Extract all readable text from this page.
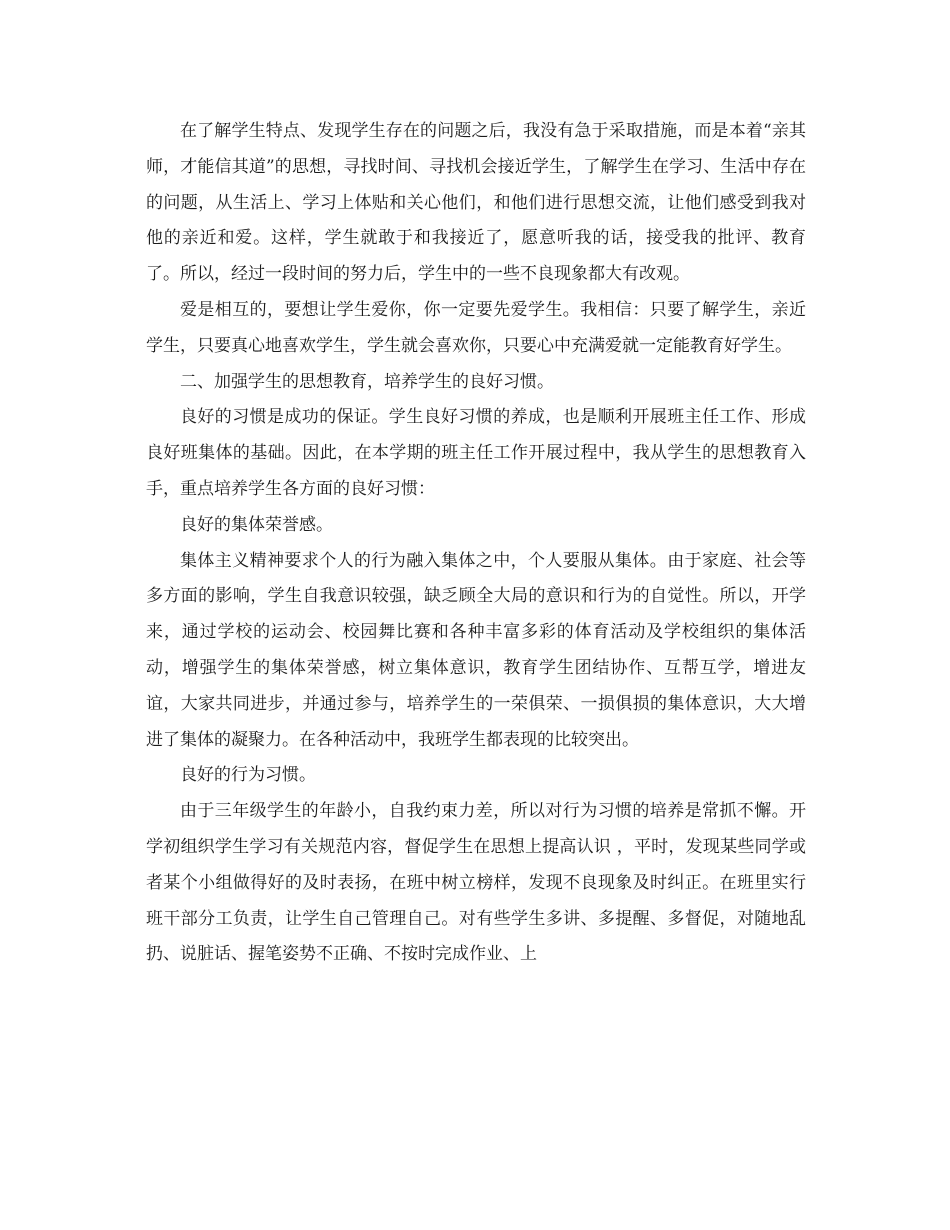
在了解学生特点、发现学生存在的问题之后，我没有急于采取措施，而是本着“亲其师，才能信其道”的思想，寻找时间、寻找机会接近学生，了解学生在学习、生活中存在的问题，从生活上、学习上体贴和关心他们，和他们进行思想交流，让他们感受到我对他的亲近和爱。这样，学生就敢于和我接近了，愿意听我的话，接受我的批评、教育了。所以，经过一段时间的努力后，学生中的一些不良现象都大有改观。

爱是相互的，要想让学生爱你，你一定要先爱学生。我相信：只要了解学生，亲近学生，只要真心地喜欢学生，学生就会喜欢你，只要心中充满爱就一定能教育好学生。

二、加强学生的思想教育，培养学生的良好习惯。

良好的习惯是成功的保证。学生良好习惯的养成，也是顺利开展班主任工作、形成良好班集体的基础。因此，在本学期的班主任工作开展过程中，我从学生的思想教育入手，重点培养学生各方面的良好习惯：

良好的集体荣誉感。

集体主义精神要求个人的行为融入集体之中，个人要服从集体。由于家庭、社会等多方面的影响，学生自我意识较强，缺乏顾全大局的意识和行为的自觉性。所以，开学来，通过学校的运动会、校园舞比赛和各种丰富多彩的体育活动及学校组织的集体活动，增强学生的集体荣誉感，树立集体意识，教育学生团结协作、互帮互学，增进友谊，大家共同进步，并通过参与，培养学生的一荣俱荣、一损俱损的集体意识，大大增进了集体的凝聚力。在各种活动中，我班学生都表现的比较突出。

良好的行为习惯。

由于三年级学生的年龄小，自我约束力差，所以对行为习惯的培养是常抓不懈。开学初组织学生学习有关规范内容，督促学生在思想上提高认识 ，平时，发现某些同学或者某个小组做得好的及时表扬，在班中树立榜样，发现不良现象及时纠正。在班里实行班干部分工负责，让学生自己管理自己。对有些学生多讲、多提醒、多督促，对随地乱扔、说脏话、握笔姿势不正确、不按时完成作业、上
